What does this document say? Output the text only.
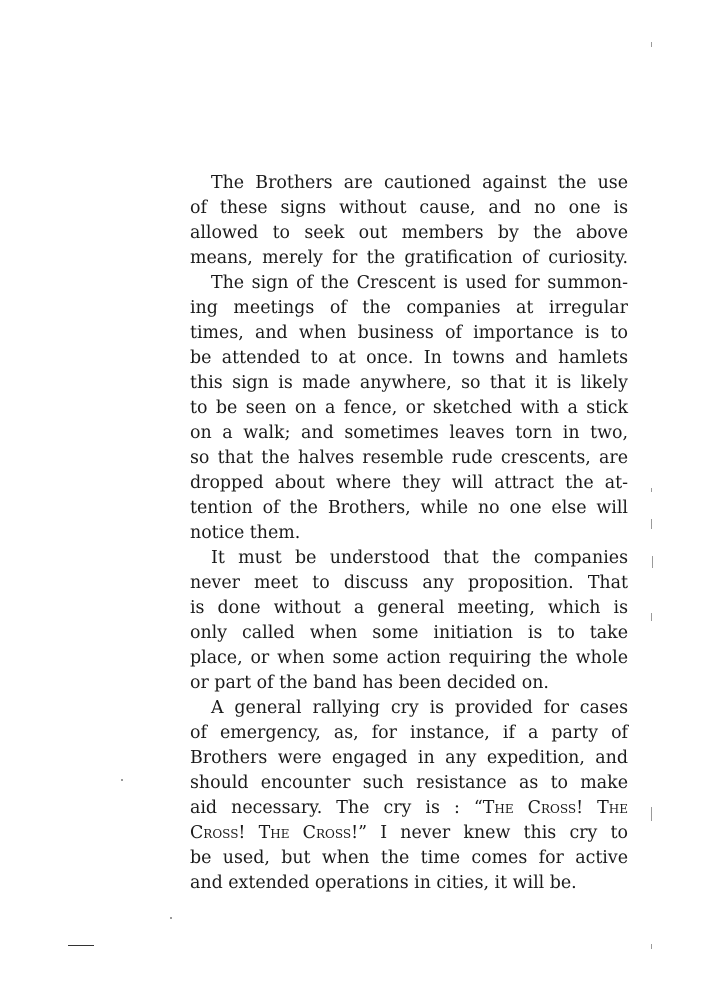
The Brothers are cautioned against the use
of these signs without cause, and no one is
allowed to seek out members by the above
means, merely for the gratification of curiosity.

The sign of the Crescent is used for summon-
ing meetings of the companies at irregular
times, and when business of importance is to
be attended to at once. In towns and hamlets
this sign is made anywhere, so that it is likely
to be seen on a fence, or sketched with a stick
on a walk; and sometimes leaves torn in two,
so that the halves resemble rude crescents, are
dropped about where they will attract the at-
tention of the Brothers, while no one else will
notice them.

It must be understood that the companies
never meet to discuss any proposition. That
is done without a general meeting, which is
only called when some initiation is to take
place, or when some action requiring the whole
or part of the band has been decided on.

A general rallying cry is provided for cases
of emergency, as, for instance, if a party of
Brothers were engaged in any expedition, and
should encounter such resistance as to make
aid necessary. The cry is : “The Cross! The
Cross! The Cross!” I never knew this cry to
be used, but when the time comes for active
and extended operations in cities, it will be.
